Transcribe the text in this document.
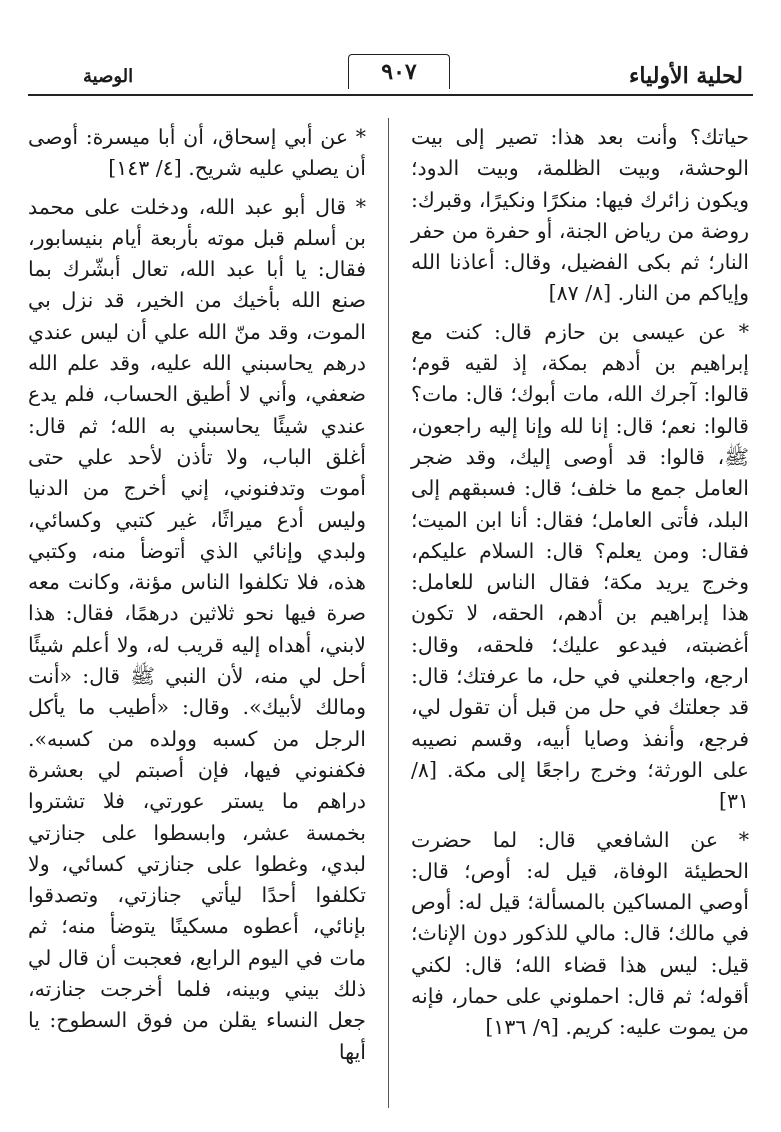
لحلية الأولياء
٩٠٧
الوصية

حياتك؟ وأنت بعد هذا: تصير إلى بيت الوحشة، وبيت الظلمة، وبيت الدود؛ ويكون زائرك فيها: منكرًا ونكيرًا، وقبرك: روضة من رياض الجنة، أو حفرة من حفر النار؛ ثم بكى الفضيل، وقال: أعاذنا الله وإياكم من النار. [٨/ ٨٧]

* عن عيسى بن حازم قال: كنت مع إبراهيم بن أدهم بمكة، إذ لقيه قوم؛ قالوا: آجرك الله، مات أبوك؛ قال: مات؟ قالوا: نعم؛ قال: إنا لله وإنا إليه راجعون، ﷺ، قالوا: قد أوصى إليك، وقد ضجر العامل جمع ما خلف؛ قال: فسبقهم إلى البلد، فأتى العامل؛ فقال: أنا ابن الميت؛ فقال: ومن يعلم؟ قال: السلام عليكم، وخرج يريد مكة؛ فقال الناس للعامل: هذا إبراهيم بن أدهم، الحقه، لا تكون أغضبته، فيدعو عليك؛ فلحقه، وقال: ارجع، واجعلني في حل، ما عرفتك؛ قال: قد جعلتك في حل من قبل أن تقول لي، فرجع، وأنفذ وصايا أبيه، وقسم نصيبه على الورثة؛ وخرج راجعًا إلى مكة. [٨/ ٣١]

* عن الشافعي قال: لما حضرت الحطيئة الوفاة، قيل له: أوص؛ قال: أوصي المساكين بالمسألة؛ قيل له: أوص في مالك؛ قال: مالي للذكور دون الإناث؛ قيل: ليس هذا قضاء الله؛ قال: لكني أقوله؛ ثم قال: احملوني على حمار، فإنه من يموت عليه: كريم. [٩/ ١٣٦]

* عن أبي إسحاق، أن أبا ميسرة: أوصى أن يصلي عليه شريح. [٤/ ١٤٣]

* قال أبو عبد الله، ودخلت على محمد بن أسلم قبل موته بأربعة أيام بنيسابور، فقال: يا أبا عبد الله، تعال أبشّرك بما صنع الله بأخيك من الخير، قد نزل بي الموت، وقد منّ الله علي أن ليس عندي درهم يحاسبني الله عليه، وقد علم الله ضعفي، وأني لا أطيق الحساب، فلم يدع عندي شيئًا يحاسبني به الله؛ ثم قال: أغلق الباب، ولا تأذن لأحد علي حتى أموت وتدفنوني، إني أخرج من الدنيا وليس أدع ميراثًا، غير كتبي وكسائي، ولبدي وإنائي الذي أتوضأ منه، وكتبي هذه، فلا تكلفوا الناس مؤنة، وكانت معه صرة فيها نحو ثلاثين درهمًا، فقال: هذا لابني، أهداه إليه قريب له، ولا أعلم شيئًا أحل لي منه، لأن النبي ﷺ قال: «أنت ومالك لأبيك». وقال: «أطيب ما يأكل الرجل من كسبه وولده من كسبه». فكفنوني فيها، فإن أصبتم لي بعشرة دراهم ما يستر عورتي، فلا تشتروا بخمسة عشر، وابسطوا على جنازتي لبدي، وغطوا على جنازتي كسائي، ولا تكلفوا أحدًا ليأتي جنازتي، وتصدقوا بإنائي، أعطوه مسكينًا يتوضأ منه؛ ثم مات في اليوم الرابع، فعجبت أن قال لي ذلك بيني وبينه، فلما أخرجت جنازته، جعل النساء يقلن من فوق السطوح: يا أيها
